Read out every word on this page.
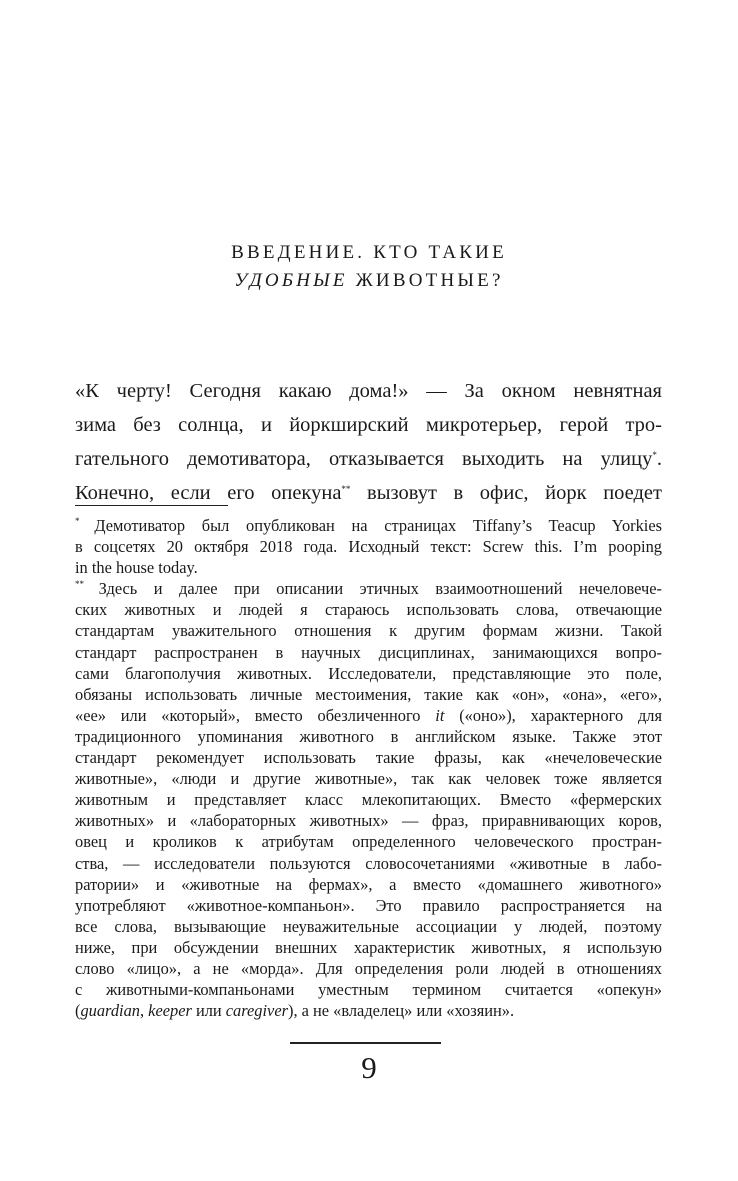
ВВЕДЕНИЕ. КТО ТАКИЕ
УДОБНЫЕ ЖИВОТНЫЕ?
«К черту! Сегодня какаю дома!» — За окном невнятная
зима без солнца, и йоркширский микротерьер, герой тро-
гательного демотиватора, отказывается выходить на улицу*.
Конечно, если его опекуна** вызовут в офис, йорк поедет
* Демотиватор был опубликован на страницах Tiffany’s Teacup Yorkies
в соцсетях 20 октября 2018 года. Исходный текст: Screw this. I’m pooping
in the house today.
** Здесь и далее при описании этичных взаимоотношений нечеловече-
ских животных и людей я стараюсь использовать слова, отвечающие
стандартам уважительного отношения к другим формам жизни. Такой
стандарт распространен в научных дисциплинах, занимающихся вопро-
сами благополучия животных. Исследователи, представляющие это поле,
обязаны использовать личные местоимения, такие как «он», «она», «его»,
«ее» или «который», вместо обезличенного it («оно»), характерного для
традиционного упоминания животного в английском языке. Также этот
стандарт рекомендует использовать такие фразы, как «нечеловеческие
животные», «люди и другие животные», так как человек тоже является
животным и представляет класс млекопитающих. Вместо «фермерских
животных» и «лабораторных животных» — фраз, приравнивающих коров,
овец и кроликов к атрибутам определенного человеческого простран-
ства, — исследователи пользуются словосочетаниями «животные в лабо-
ратории» и «животные на фермах», а вместо «домашнего животного»
употребляют «животное-компаньон». Это правило распространяется на
все слова, вызывающие неуважительные ассоциации у людей, поэтому
ниже, при обсуждении внешних характеристик животных, я использую
слово «лицо», а не «морда». Для определения роли людей в отношениях
с животными-компаньонами уместным термином считается «опекун»
(guardian, keeper или caregiver), а не «владелец» или «хозяин».
9
